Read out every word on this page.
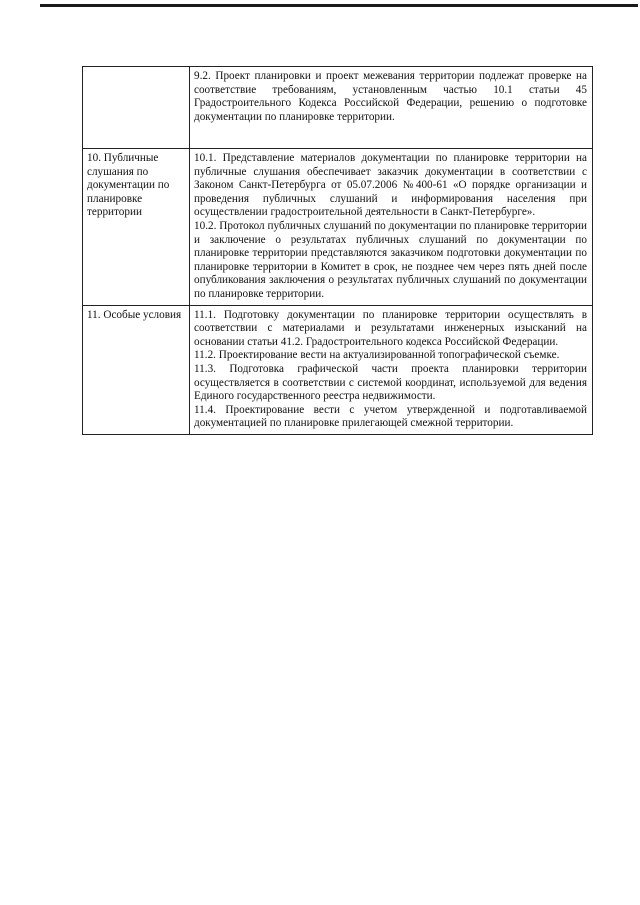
	9.2. Проект планировки и проект межевания территории подлежат проверке на соответствие требованиям, установленным частью 10.1 статьи 45 Градостроительного Кодекса Российской Федерации, решению о подготовке документации по планировке территории.

10. Публичные слушания по документации по планировке территории	10.1. Представление материалов документации по планировке территории на публичные слушания обеспечивает заказчик документации в соответствии с Законом Санкт-Петербурга от 05.07.2006 №400-61 «О порядке организации и проведения публичных слушаний и информирования населения при осуществлении градостроительной деятельности в Санкт-Петербурге».

10.2. Протокол публичных слушаний по документации по планировке территории и заключение о результатах публичных слушаний по документации по планировке территории представляются заказчиком подготовки документации по планировке территории в Комитет в срок, не позднее чем через пять дней после опубликования заключения о результатах публичных слушаний по документации по планировке территории.

11. Особые условия	11.1. Подготовку документации по планировке территории осуществлять в соответствии с материалами и результатами инженерных изысканий на основании статьи 41.2. Градостроительного кодекса Российской Федерации.

11.2. Проектирование вести на актуализированной топографической съемке.

11.3. Подготовка графической части проекта планировки территории осуществляется в соответствии с системой координат, используемой для ведения Единого государственного реестра недвижимости.

11.4. Проектирование вести с учетом утвержденной и подготавливаемой документацией по планировке прилегающей смежной территории.
